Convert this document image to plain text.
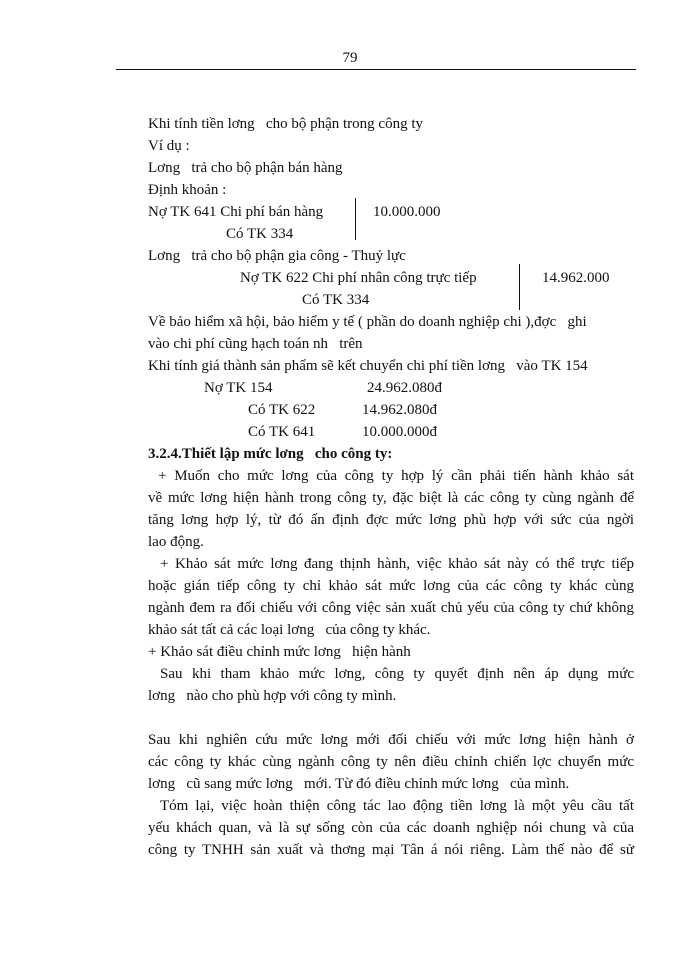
79
Khi tính tiền lơng   cho bộ phận trong công ty
Ví dụ :
Lơng   trả cho bộ phận bán hàng
Định khoản :
Nợ TK 641 Chi phí bán hàng	10.000.000
Có TK 334
Lơng   trả cho bộ phận gia công - Thuỷ lực
Nợ TK 622 Chi phí nhân công trực tiếp	14.962.000
Có TK 334
Về bảo hiểm xã hội, bảo hiểm y tế ( phần do doanh nghiệp chi ),đợc   ghi
vào chi phí cũng hạch toán nh   trên
Khi tính giá thành sản phẩm sẽ kết chuyển chi phí tiền lơng   vào TK 154
Nợ TK 154	24.962.080đ
Có TK 622	14.962.080đ
Có TK 641	10.000.000đ
3.2.4.Thiết lập mức lơng   cho công ty:
+ Muốn cho mức lơng của công ty hợp lý cần phải tiến hành khảo sát
về mức lơng hiện hành trong công ty, đặc biệt là các công ty cùng ngành để
tăng lơng hợp lý, từ đó ấn định đợc mức lơng phù hợp với sức của ngời
lao động.
+ Khảo sát mức lơng đang thịnh hành, việc khảo sát này có thể trực tiếp
hoặc gián tiếp công ty chỉ khảo sát mức lơng của các công ty khác cùng
ngành đem ra đối chiếu với công việc sản xuất chủ yếu của công ty chứ không
khảo sát tất cả các loại lơng   của công ty khác.
+ Khảo sát điều chỉnh mức lơng   hiện hành
Sau khi tham khảo mức lơng, công ty quyết định nên áp dụng mức
lơng   nào cho phù hợp với công ty mình.
Sau khi nghiên cứu mức lơng mới đối chiếu với mức lơng hiện hành ở
các công ty khác cùng ngành công ty nên điều chỉnh chiến lợc chuyển mức
lơng   cũ sang mức lơng   mới. Từ đó điều chỉnh mức lơng   của mình.
Tóm lại, việc hoàn thiện công tác lao động tiền lơng là một yêu cầu tất
yếu khách quan, và là sự sống còn của các doanh nghiệp nói chung và của
công ty TNHH sản xuất và thơng mại Tân á nói riêng. Làm thế nào để sử
